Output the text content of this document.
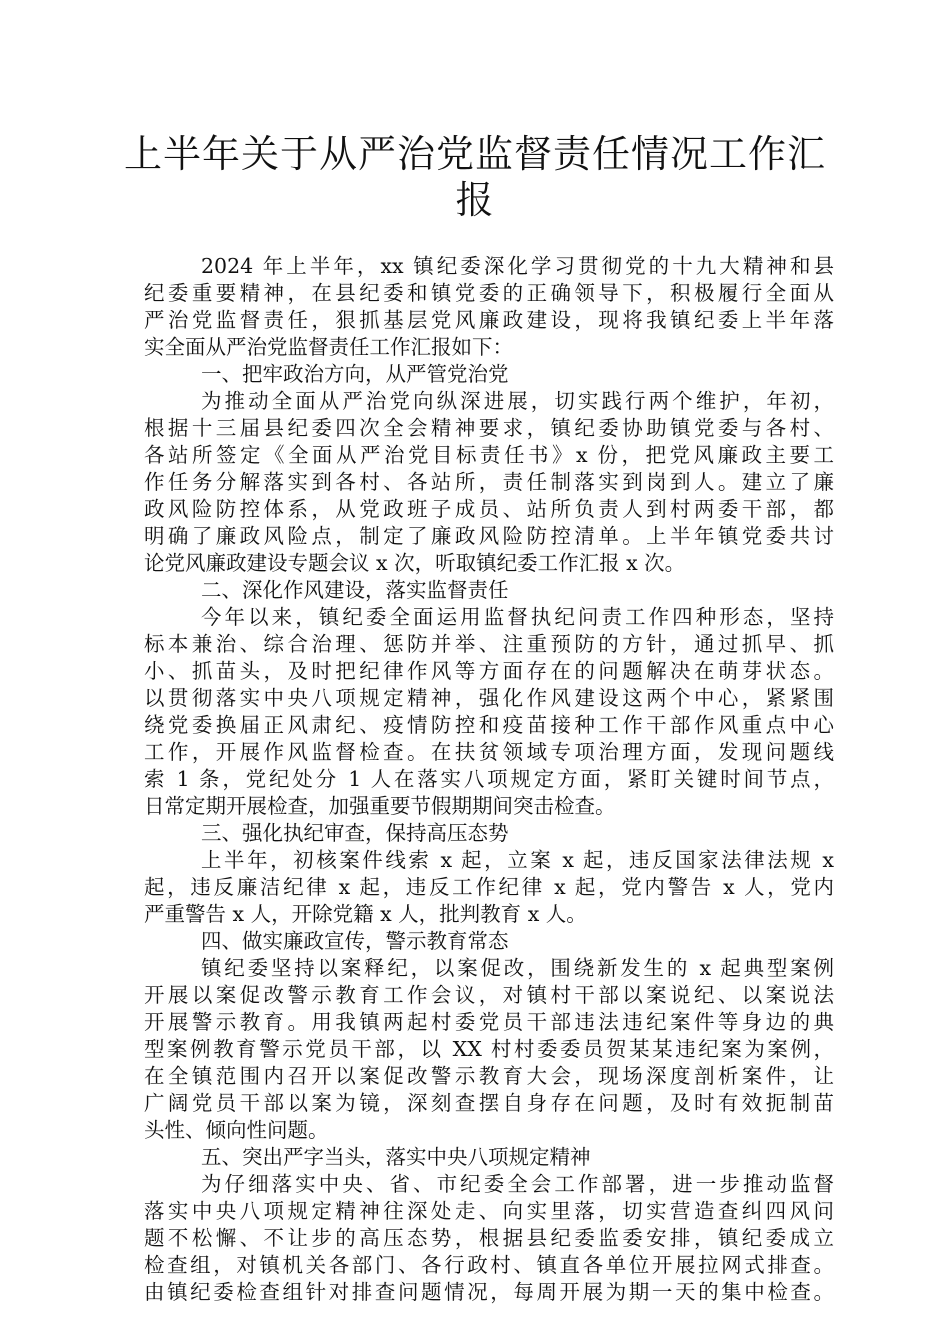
上半年关于从严治党监督责任情况工作汇
报

2024 年上半年，xx 镇纪委深化学习贯彻党的十九大精神和县

纪委重要精神，在县纪委和镇党委的正确领导下，积极履行全面从

严治党监督责任，狠抓基层党风廉政建设，现将我镇纪委上半年落

实全面从严治党监督责任工作汇报如下：

一、把牢政治方向，从严管党治党

为推动全面从严治党向纵深进展，切实践行两个维护，年初，

根据十三届县纪委四次全会精神要求，镇纪委协助镇党委与各村、

各站所签定《全面从严治党目标责任书》x 份，把党风廉政主要工

作任务分解落实到各村、各站所，责任制落实到岗到人。建立了廉

政风险防控体系，从党政班子成员、站所负责人到村两委干部，都

明确了廉政风险点，制定了廉政风险防控清单。上半年镇党委共讨

论党风廉政建设专题会议 x 次，听取镇纪委工作汇报 x 次。

二、深化作风建设，落实监督责任

今年以来，镇纪委全面运用监督执纪问责工作四种形态，坚持

标本兼治、综合治理、惩防并举、注重预防的方针，通过抓早、抓

小、抓苗头，及时把纪律作风等方面存在的问题解决在萌芽状态。

以贯彻落实中央八项规定精神，强化作风建设这两个中心，紧紧围

绕党委换届正风肃纪、疫情防控和疫苗接种工作干部作风重点中心

工作，开展作风监督检查。在扶贫领域专项治理方面，发现问题线

索 1 条，党纪处分 1 人在落实八项规定方面，紧盯关键时间节点，

日常定期开展检查，加强重要节假期期间突击检查。

三、强化执纪审查，保持高压态势

上半年，初核案件线索 x 起，立案 x 起，违反国家法律法规 x

起，违反廉洁纪律 x 起，违反工作纪律 x 起，党内警告 x 人，党内

严重警告 x 人，开除党籍 x 人，批判教育 x 人。

四、做实廉政宣传，警示教育常态

镇纪委坚持以案释纪，以案促改，围绕新发生的 x 起典型案例

开展以案促改警示教育工作会议，对镇村干部以案说纪、以案说法

开展警示教育。用我镇两起村委党员干部违法违纪案件等身边的典

型案例教育警示党员干部，以 XX 村村委委员贺某某违纪案为案例，

在全镇范围内召开以案促改警示教育大会，现场深度剖析案件，让

广阔党员干部以案为镜，深刻查摆自身存在问题，及时有效扼制苗

头性、倾向性问题。

五、突出严字当头，落实中央八项规定精神

为仔细落实中央、省、市纪委全会工作部署，进一步推动监督

落实中央八项规定精神往深处走、向实里落，切实营造查纠四风问

题不松懈、不让步的高压态势，根据县纪委监委安排，镇纪委成立

检查组，对镇机关各部门、各行政村、镇直各单位开展拉网式排查。

由镇纪委检查组针对排查问题情况，每周开展为期一天的集中检查。
